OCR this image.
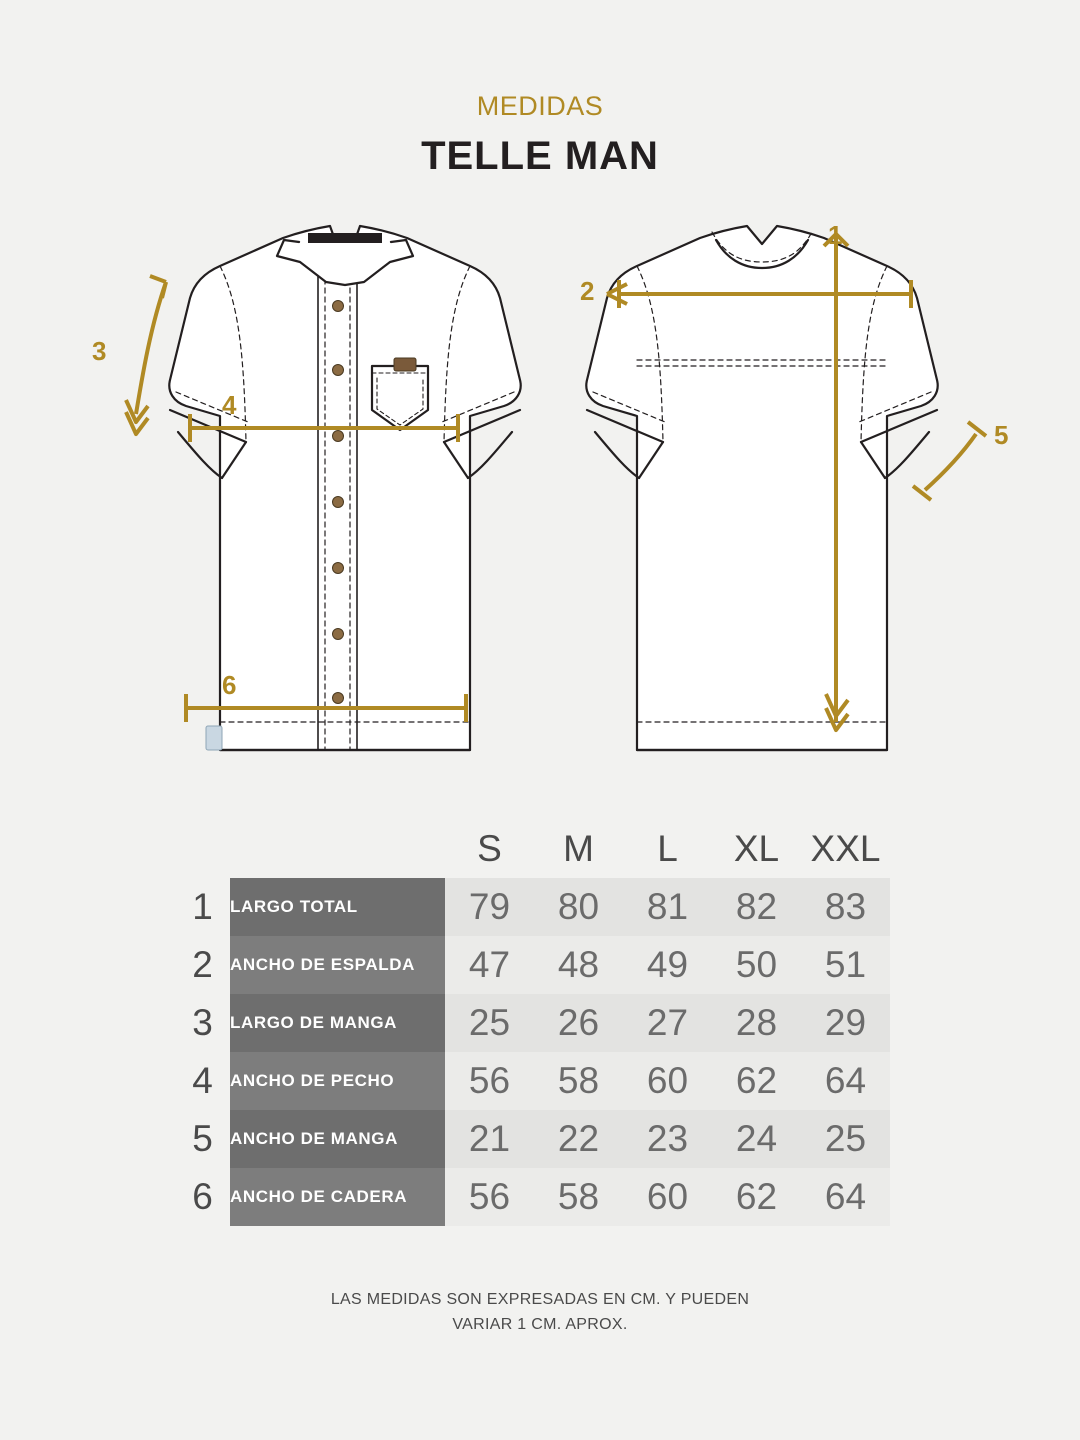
MEDIDAS
TELLE MAN
3
4
6
2
1
5
		S	M	L	XL	XXL
1	LARGO TOTAL	79	80	81	82	83
2	ANCHO DE ESPALDA	47	48	49	50	51
3	LARGO DE MANGA	25	26	27	28	29
4	ANCHO DE PECHO	56	58	60	62	64
5	ANCHO DE MANGA	21	22	23	24	25
6	ANCHO DE CADERA	56	58	60	62	64
LAS MEDIDAS SON EXPRESADAS EN CM. Y PUEDEN
VARIAR 1 CM. APROX.
